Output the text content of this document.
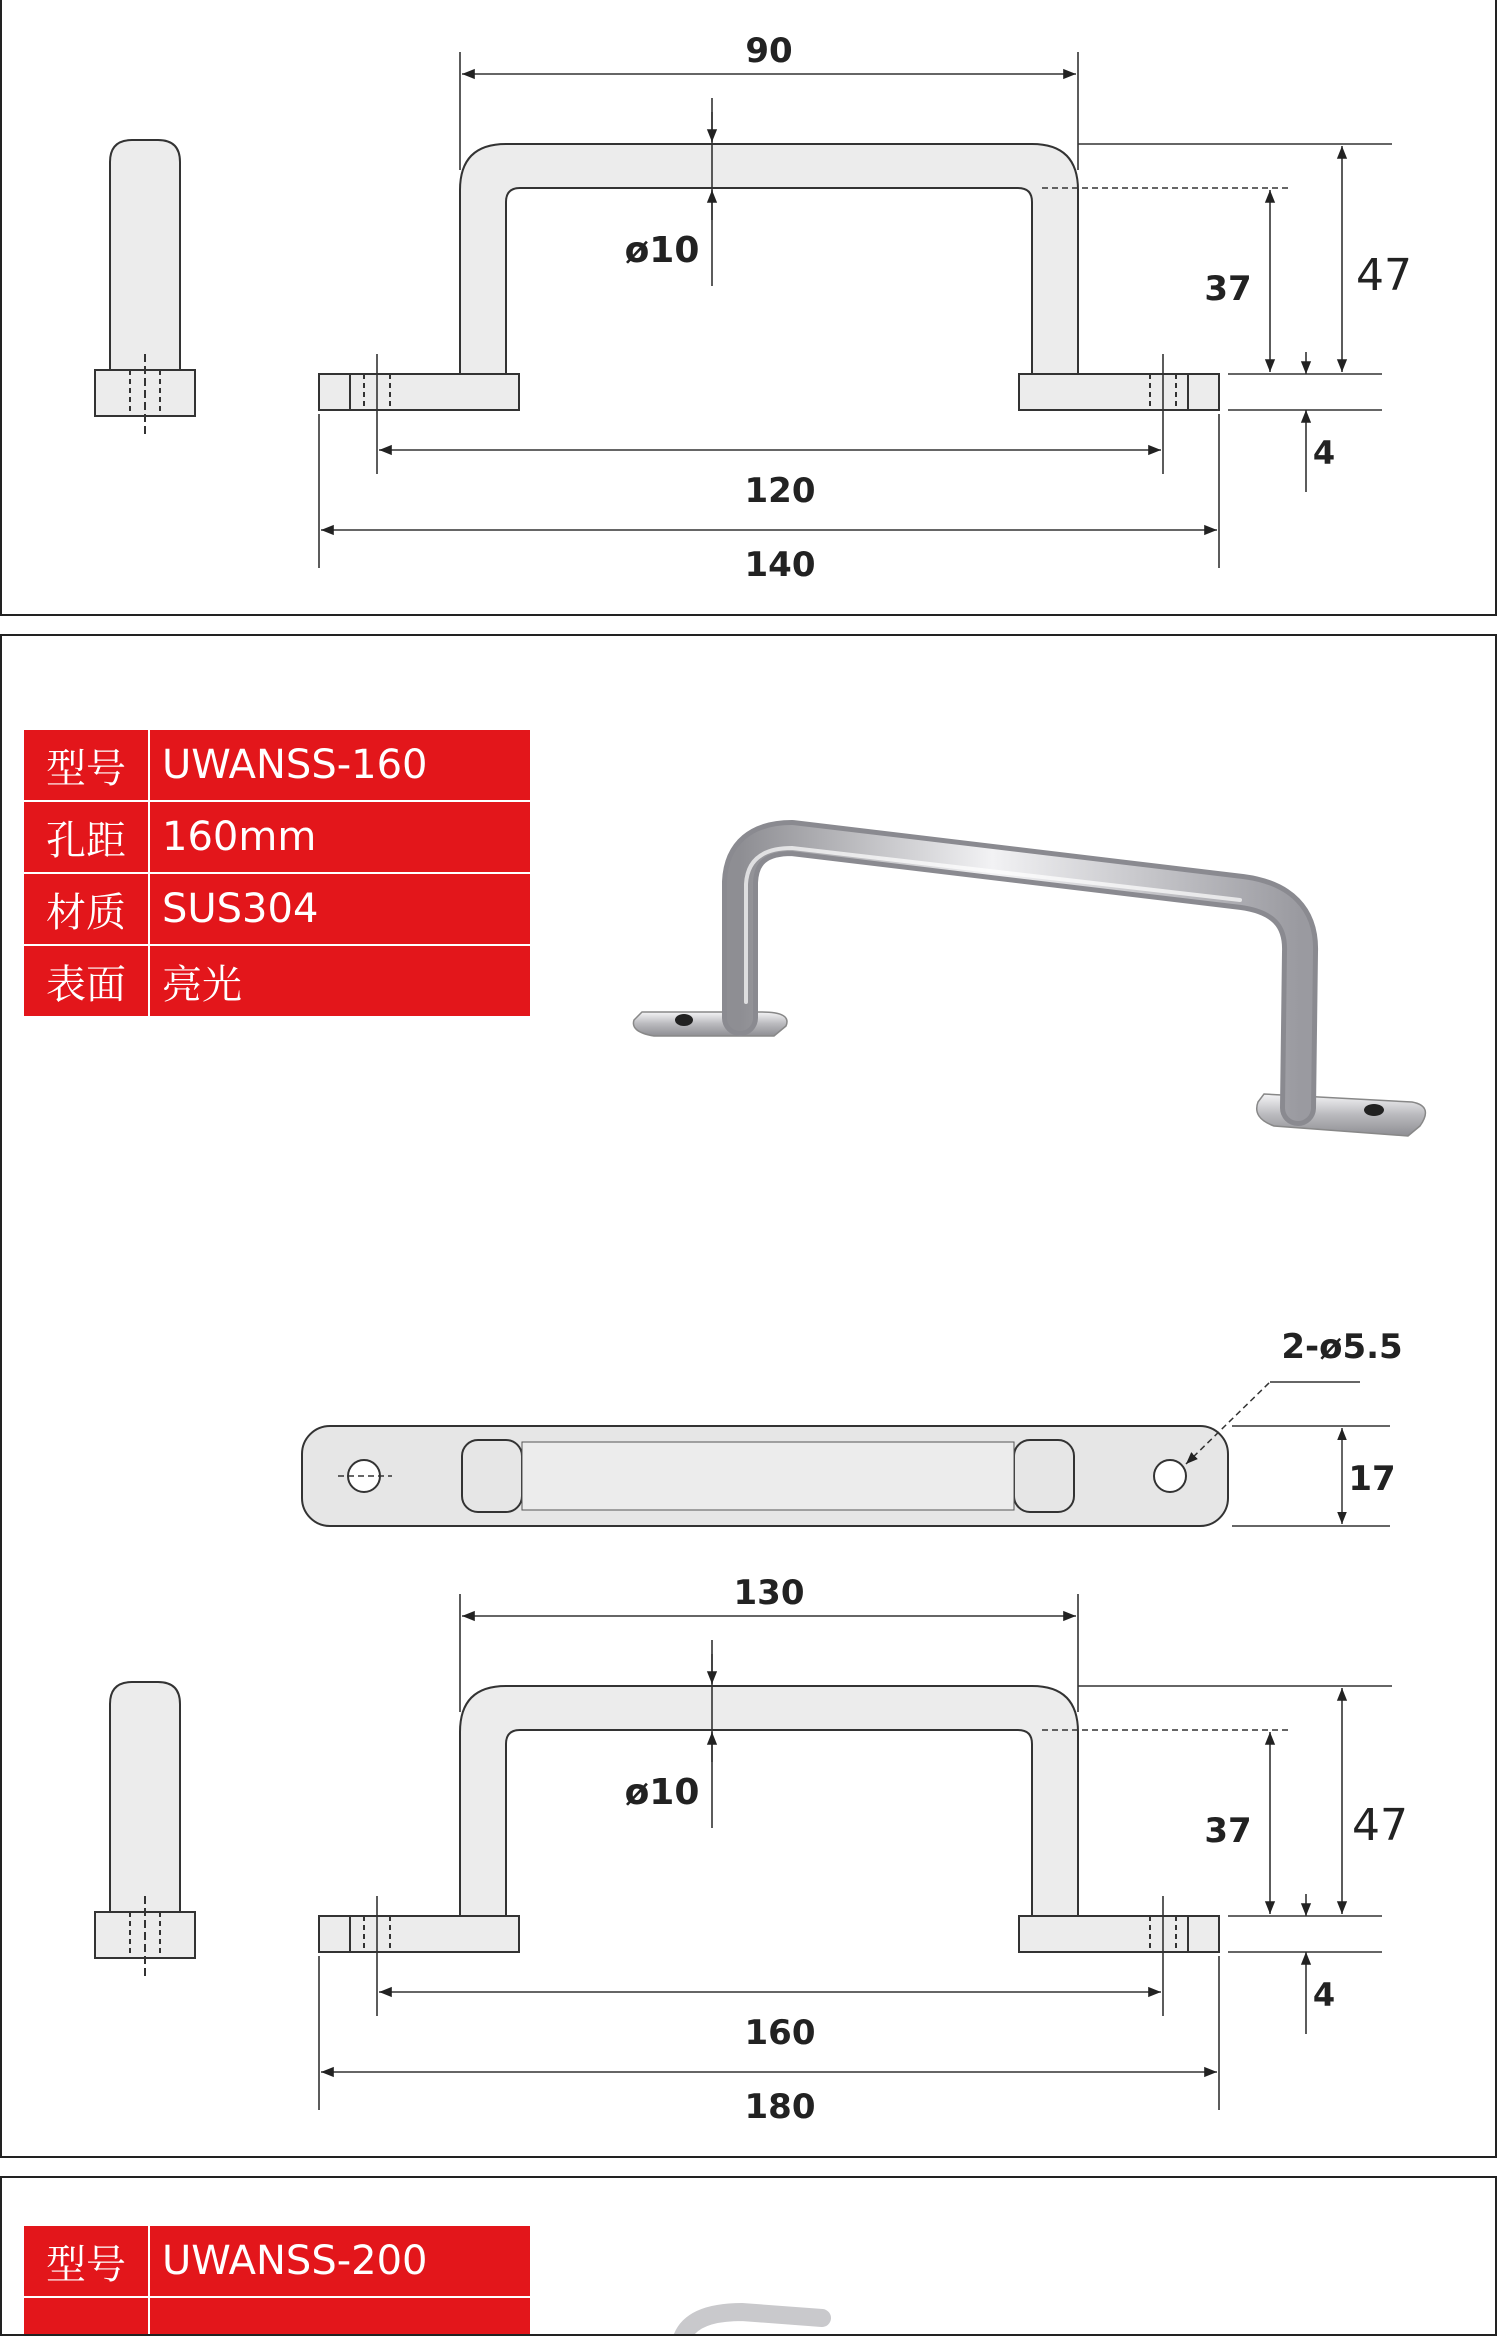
90
ø10
37 47
4
120
140
型号	UWANSS-160
孔距	160mm
材质	SUS304
表面	亮光
2-ø5.5
17
130
ø10
37 47
4
160
180
型号	UWANSS-200
